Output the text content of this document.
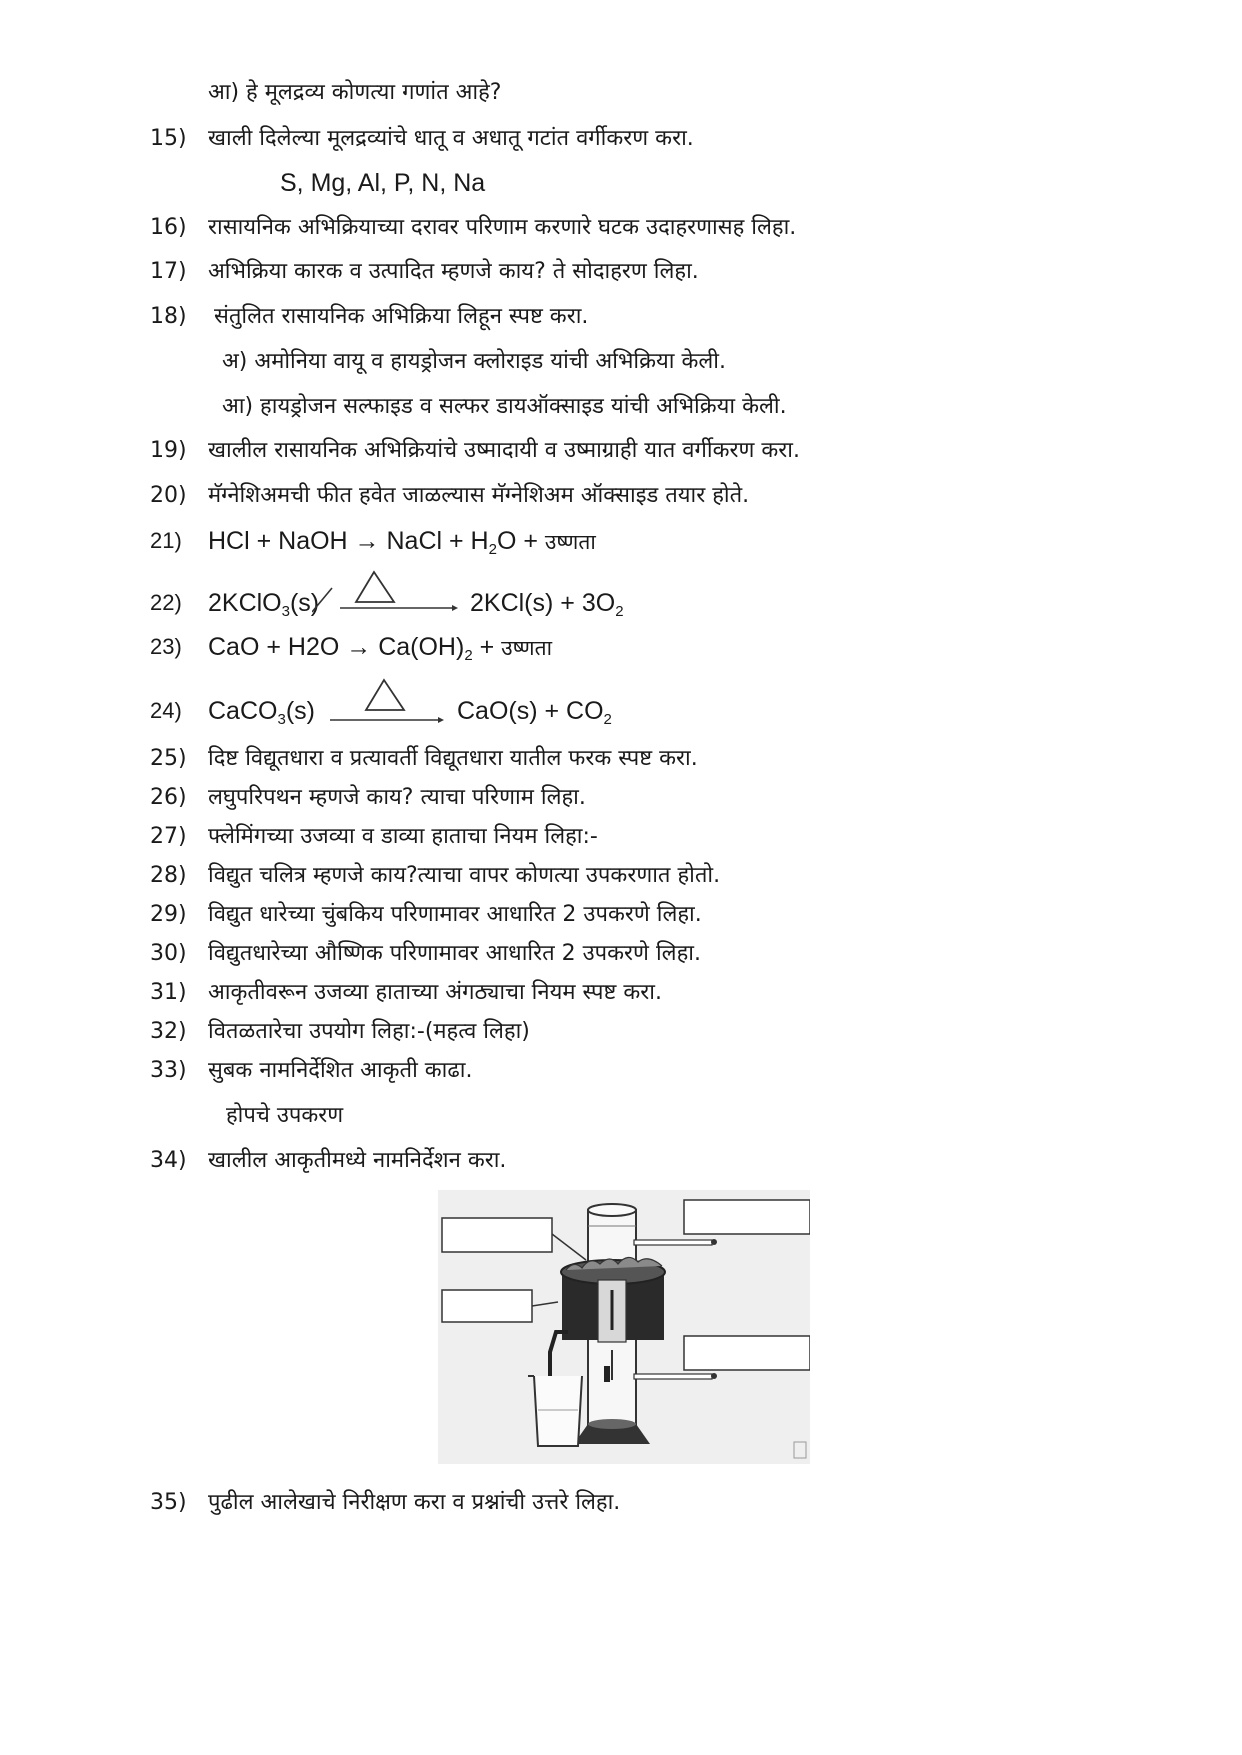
आ) हे मूलद्रव्य कोणत्या गणांत आहे?
15) खाली दिलेल्या मूलद्रव्यांचे धातू व अधातू गटांत वर्गीकरण करा.
S, Mg, Al, P, N, Na
16) रासायनिक अभिक्रियाच्या दरावर परिणाम करणारे घटक उदाहरणासह लिहा.
17) अभिक्रिया कारक व उत्पादित म्हणजे काय? ते सोदाहरण लिहा.
18)	संतुलित रासायनिक अभिक्रिया लिहून स्पष्ट करा.
अ) अमोनिया वायू व हायड्रोजन क्लोराइड यांची अभिक्रिया केली.
आ) हायड्रोजन सल्फाइड व सल्फर डायऑक्साइड यांची अभिक्रिया केली.
19) खालील रासायनिक अभिक्रियांचे उष्मादायी व उष्माग्राही यात वर्गीकरण करा.
20) मॅग्नेशिअमची फीत हवेत जाळल्यास मॅग्नेशिअम ऑक्साइड तयार होते.
21)	HCl + NaOH → NaCl + $H_2O$ + उष्णता
22)	2KClO$_3$(s)	$2KCl(s) + 3O_2$
23)	CaO + $H2O \to Ca(OH)_2$ + उष्णता
24)	CaCO$_3$(s)	$CaO(s) + CO_2$
25) दिष्ट विद्यूतधारा व प्रत्यावर्ती विद्यूतधारा यातील फरक स्पष्ट करा.
26) लघुपरिपथन म्हणजे काय? त्याचा परिणाम लिहा.
27) फ्लेमिंगच्या उजव्या व डाव्या हाताचा नियम लिहा:-
28) विद्युत चलित्र म्हणजे काय?त्याचा वापर कोणत्या उपकरणात होतो.
29) विद्युत धारेच्या चुंबकिय परिणामावर आधारित 2 उपकरणे लिहा.
30) विद्युतधारेच्या औष्णिक परिणामावर आधारित 2 उपकरणे लिहा.
31) आकृतीवरून उजव्या हाताच्या अंगठ्याचा नियम स्पष्ट करा.
32) वितळतारेचा उपयोग लिहा:-(महत्व लिहा)
33) सुबक नामनिर्देशित आकृती काढा.
होपचे उपकरण
34) खालील आकृतीमध्ये नामनिर्देशन करा.
35) पुढील आलेखाचे निरीक्षण करा व प्रश्नांची उत्तरे लिहा.
